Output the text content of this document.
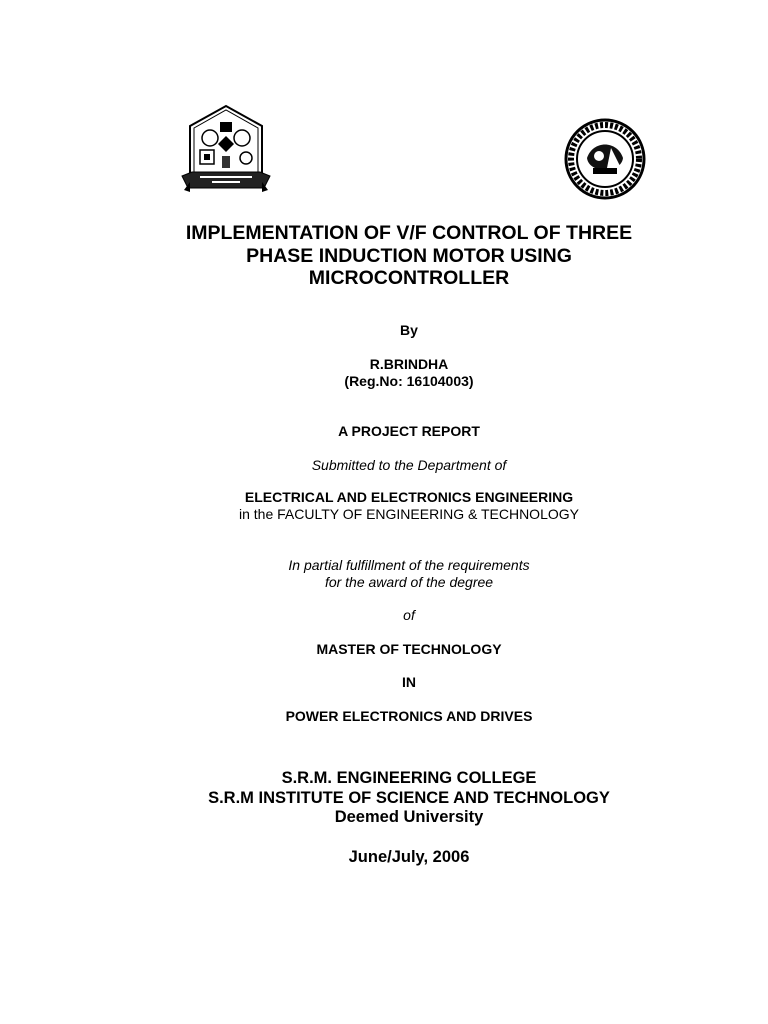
IMPLEMENTATION OF V/F CONTROL OF THREE
PHASE INDUCTION MOTOR USING
MICROCONTROLLER
By
R.BRINDHA
(Reg.No: 16104003)
A PROJECT REPORT
Submitted to the Department of
ELECTRICAL AND ELECTRONICS ENGINEERING
in the FACULTY OF ENGINEERING & TECHNOLOGY
In partial fulfillment of the requirements
for the award of the degree
of
MASTER OF TECHNOLOGY
IN
POWER ELECTRONICS AND DRIVES
S.R.M. ENGINEERING COLLEGE
S.R.M INSTITUTE OF SCIENCE AND TECHNOLOGY
Deemed University
June/July, 2006
